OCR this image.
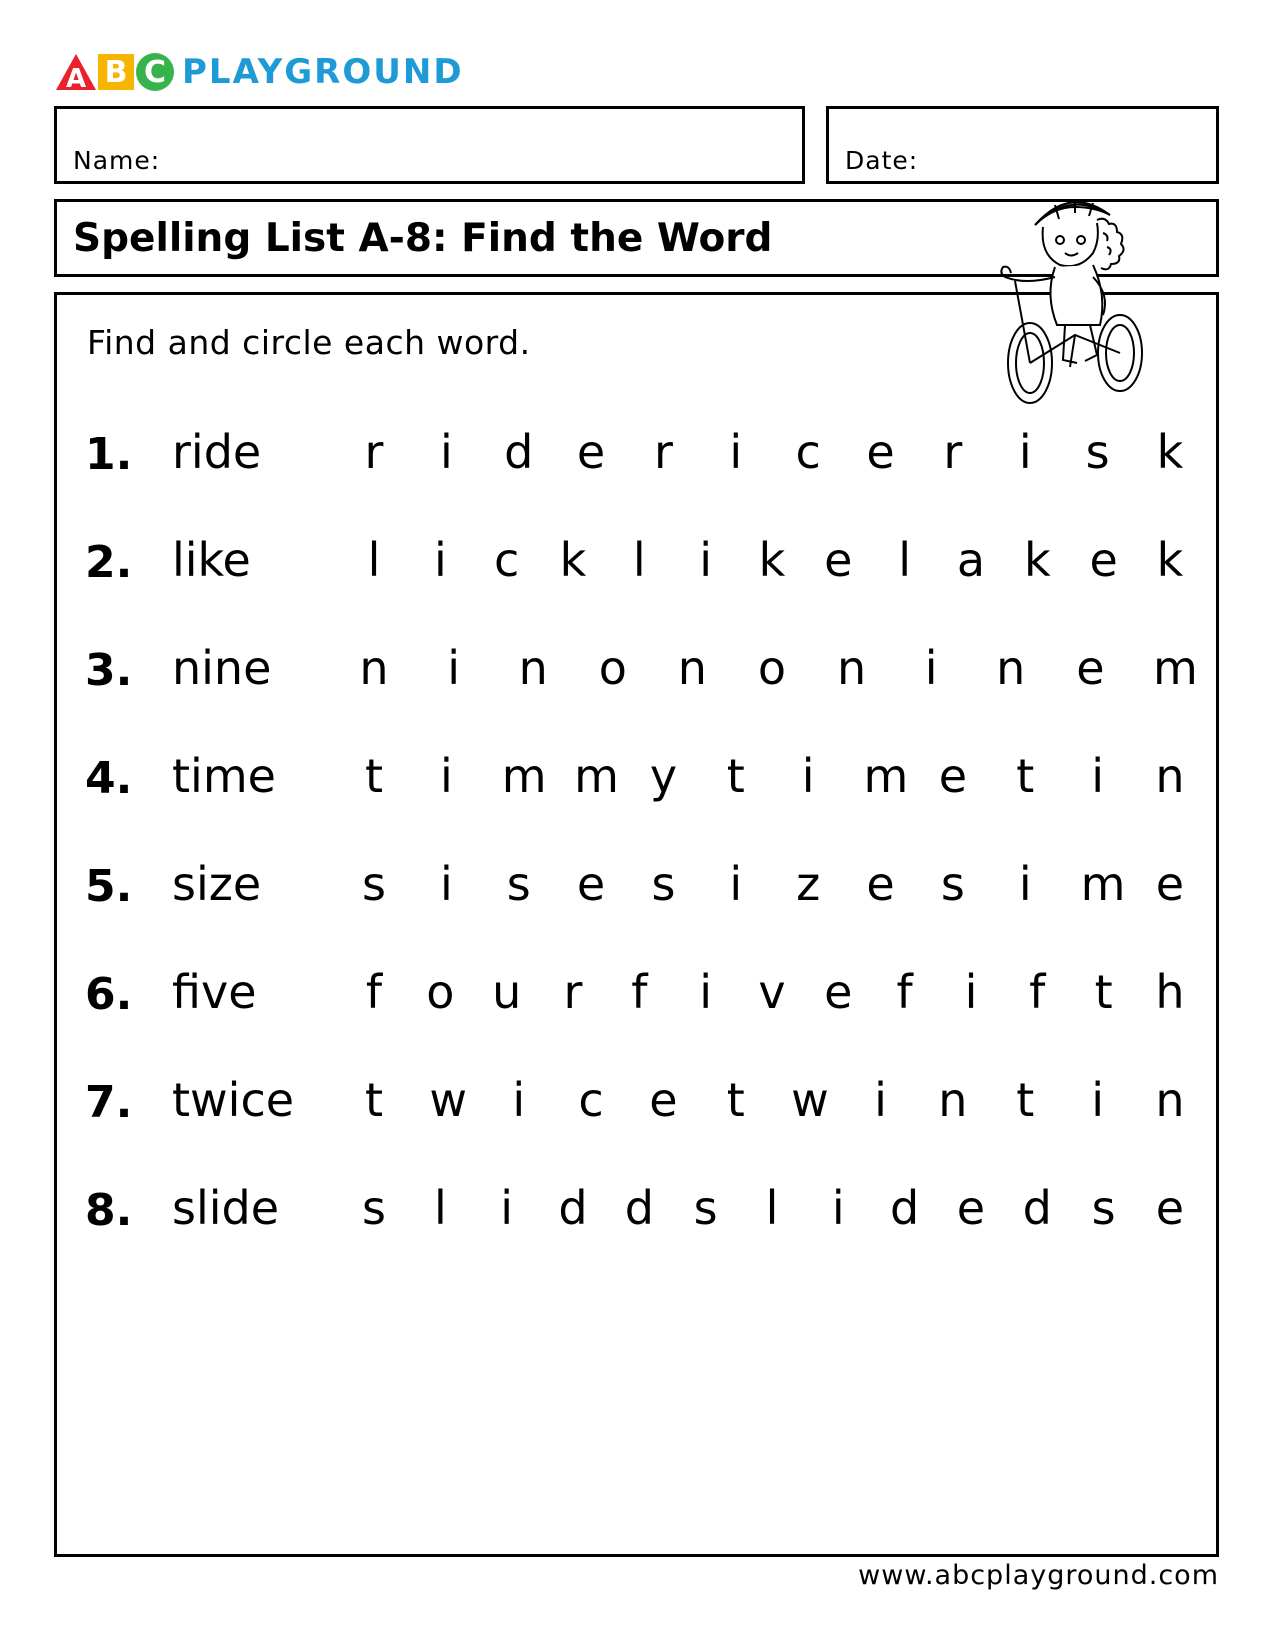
A B C PLAYGROUND
Name:	Date:
Spelling List A-8: Find the Word
Find and circle each word.
1. ride r i d e r i c e r i s k
2. like	l i c k l i k e l a k e k
3. nine n i n o n o n i n e m
4. time t i m m y t i m e t i n
5. size s i s e s i z e s i m e
6. five f o u r f i v e f i f t h
7. twice t w i c e t w i n t i n
8. slide s l i d d s l i d e d s e
www.abcplayground.com
